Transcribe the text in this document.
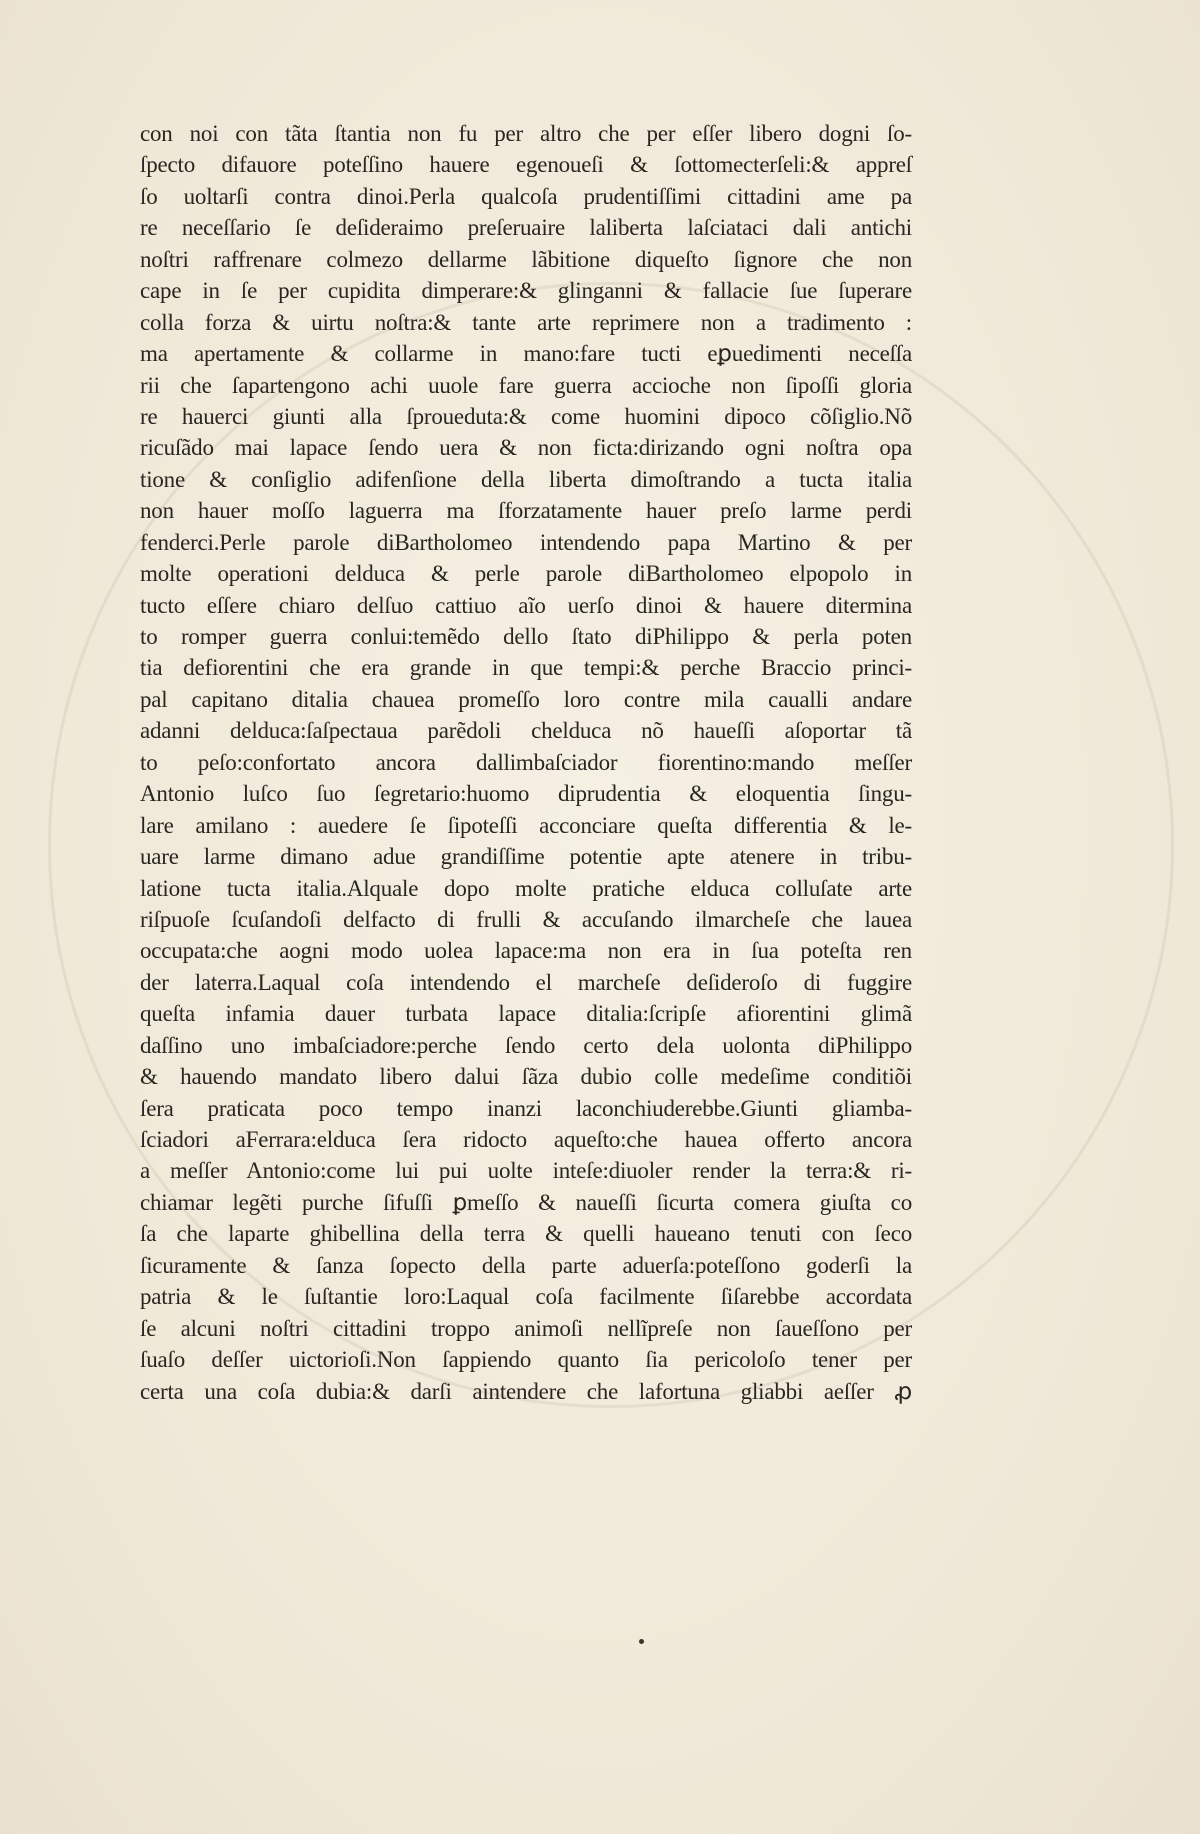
con noi con tãta ſtantia non fu per altro che per eſſer libero dogni ſo‑
ſpecto difauore poteſſino hauere egenoueſi & ſottomecterſeli:& appreſ
ſo uoltarſi contra dinoi.Perla qualcoſa prudentiſſimi cittadini ame pa
re neceſſario ſe deſideraimo preſeruaire laliberta laſciataci dali antichi
noſtri raffrenare colmezo dellarme lãbitione diqueſto ſignore che non
cape in ſe per cupidita dimperare:& glinganni & fallacie ſue ſuperare
colla forza & uirtu noſtra:& tante arte reprimere non a tradimento :
ma apertamente & collarme in mano:fare tucti eꝑuedimenti neceſſa
rii che ſapartengono achi uuole fare guerra accioche non ſipoſſi gloria
re hauerci giunti alla ſproueduta:& come huomini dipoco cõſiglio.Nõ
ricuſãdo mai lapace ſendo uera & non ficta:dirizando ogni noſtra opa
tione & conſiglio adifenſione della liberta dimoſtrando a tucta italia
non hauer moſſo laguerra ma ſforzatamente hauer preſo larme perdi
fenderci.Perle parole diBartholomeo intendendo papa Martino & per
molte operationi delduca & perle parole diBartholomeo elpopolo in
tucto eſſere chiaro delſuo cattiuo aĩo uerſo dinoi & hauere ditermina
to romper guerra conlui:temẽdo dello ſtato diPhilippo & perla poten
tia defiorentini che era grande in que tempi:& perche Braccio princi‑
pal capitano ditalia chauea promeſſo loro contre mila caualli andare
adanni delduca:ſaſpectaua parẽdoli chelduca nõ haueſſi aſoportar tã
to peſo:confortato ancora dallimbaſciador fiorentino:mando meſſer
Antonio luſco ſuo ſegretario:huomo diprudentia & eloquentia ſingu‑
lare amilano : auedere ſe ſipoteſſi acconciare queſta differentia & le‑
uare larme dimano adue grandiſſime potentie apte atenere in tribu‑
latione tucta italia.Alquale dopo molte pratiche elduca colluſate arte
riſpuoſe ſcuſandoſi delfacto di frulli & accuſando ilmarcheſe che lauea
occupata:che aogni modo uolea lapace:ma non era in ſua poteſta ren
der laterra.Laqual coſa intendendo el marcheſe deſideroſo di fuggire
queſta infamia dauer turbata lapace ditalia:ſcripſe afiorentini glimã
daſſino uno imbaſciadore:perche ſendo certo dela uolonta diPhilippo
& hauendo mandato libero dalui ſãza dubio colle medeſime conditiõi
ſera praticata poco tempo inanzi laconchiuderebbe.Giunti gliamba‑
ſciadori aFerrara:elduca ſera ridocto aqueſto:che hauea offerto ancora
a meſſer Antonio:come lui pui uolte inteſe:diuoler render la terra:& ri‑
chiamar legẽti purche ſifuſſi ꝑmeſſo & naueſſi ſicurta comera giuſta co
ſa che laparte ghibellina della terra & quelli haueano tenuti con ſeco
ſicuramente & ſanza ſopecto della parte aduerſa:poteſſono goderſi la
patria & le ſuſtantie loro:Laqual coſa facilmente ſiſarebbe accordata
ſe alcuni noſtri cittadini troppo animoſi nellĩpreſe non ſaueſſono per
ſuaſo deſſer uictorioſi.Non ſappiendo quanto ſia pericoloſo tener per
certa una coſa dubia:& darſi aintendere che lafortuna gliabbi aeſſer ꝓ
